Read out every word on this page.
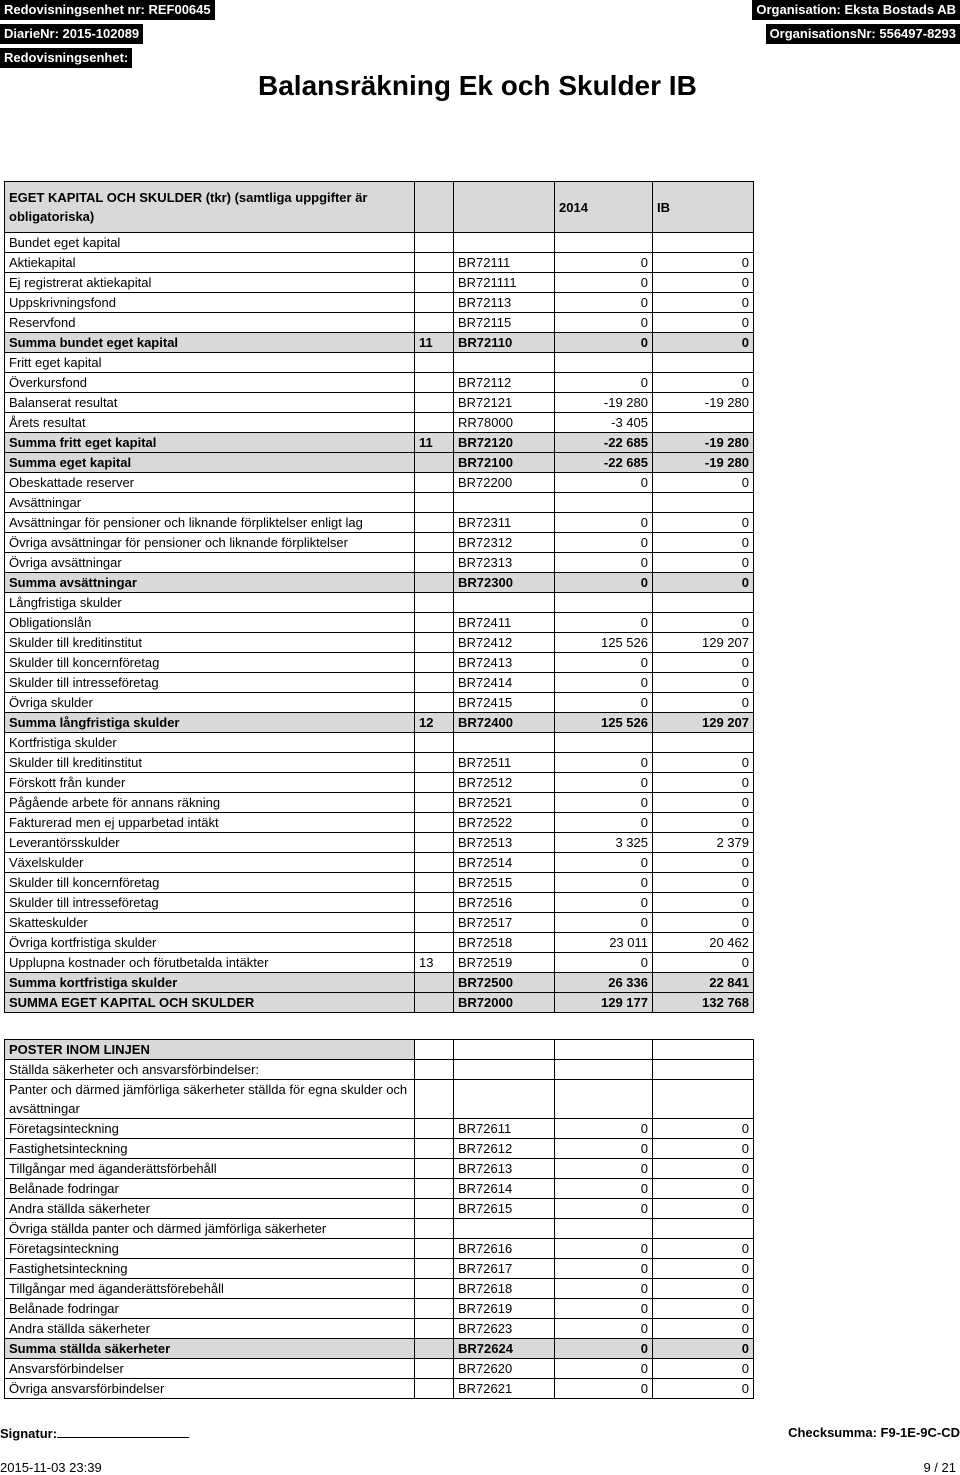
Redovisningsenhet nr: REF00645
DiarieNr: 2015-102089
Redovisningsenhet:
Organisation: Eksta Bostads AB
OrganisationsNr: 556497-8293
Balansräkning Ek och Skulder IB
EGET KAPITAL OCH SKULDER (tkr) (samtliga uppgifter är obligatoriska)			2014	IB
Bundet eget kapital				
Aktiekapital		BR72111	0	0
Ej registrerat aktiekapital		BR721111	0	0
Uppskrivningsfond		BR72113	0	0
Reservfond		BR72115	0	0
Summa bundet eget kapital	11	BR72110	0	0
Fritt eget kapital				
Överkursfond		BR72112	0	0
Balanserat resultat		BR72121	-19 280	-19 280
Årets resultat		RR78000	-3 405	
Summa fritt eget kapital	11	BR72120	-22 685	-19 280
Summa eget kapital		BR72100	-22 685	-19 280
Obeskattade reserver		BR72200	0	0
Avsättningar				
Avsättningar för pensioner och liknande förpliktelser enligt lag		BR72311	0	0
Övriga avsättningar för pensioner och liknande förpliktelser		BR72312	0	0
Övriga avsättningar		BR72313	0	0
Summa avsättningar		BR72300	0	0
Långfristiga skulder				
Obligationslån		BR72411	0	0
Skulder till kreditinstitut		BR72412	125 526	129 207
Skulder till koncernföretag		BR72413	0	0
Skulder till intresseföretag		BR72414	0	0
Övriga skulder		BR72415	0	0
Summa långfristiga skulder	12	BR72400	125 526	129 207
Kortfristiga skulder				
Skulder till kreditinstitut		BR72511	0	0
Förskott från kunder		BR72512	0	0
Pågående arbete för annans räkning		BR72521	0	0
Fakturerad men ej upparbetad intäkt		BR72522	0	0
Leverantörsskulder		BR72513	3 325	2 379
Växelskulder		BR72514	0	0
Skulder till koncernföretag		BR72515	0	0
Skulder till intresseföretag		BR72516	0	0
Skatteskulder		BR72517	0	0
Övriga kortfristiga skulder		BR72518	23 011	20 462
Upplupna kostnader och förutbetalda intäkter	13	BR72519	0	0
Summa kortfristiga skulder		BR72500	26 336	22 841
SUMMA EGET KAPITAL OCH SKULDER		BR72000	129 177	132 768
POSTER INOM LINJEN				
Ställda säkerheter och ansvarsförbindelser:				
Panter och därmed jämförliga säkerheter ställda för egna skulder och avsättningar				
Företagsinteckning		BR72611	0	0
Fastighetsinteckning		BR72612	0	0
Tillgångar med äganderättsförbehåll		BR72613	0	0
Belånade fodringar		BR72614	0	0
Andra ställda säkerheter		BR72615	0	0
Övriga ställda panter och därmed jämförliga säkerheter				
Företagsinteckning		BR72616	0	0
Fastighetsinteckning		BR72617	0	0
Tillgångar med äganderättsförebehåll		BR72618	0	0
Belånade fodringar		BR72619	0	0
Andra ställda säkerheter		BR72623	0	0
Summa ställda säkerheter		BR72624	0	0
Ansvarsförbindelser		BR72620	0	0
Övriga ansvarsförbindelser		BR72621	0	0
Signatur:	Checksumma: F9-1E-9C-CD
2015-11-03 23:39	9 / 21
